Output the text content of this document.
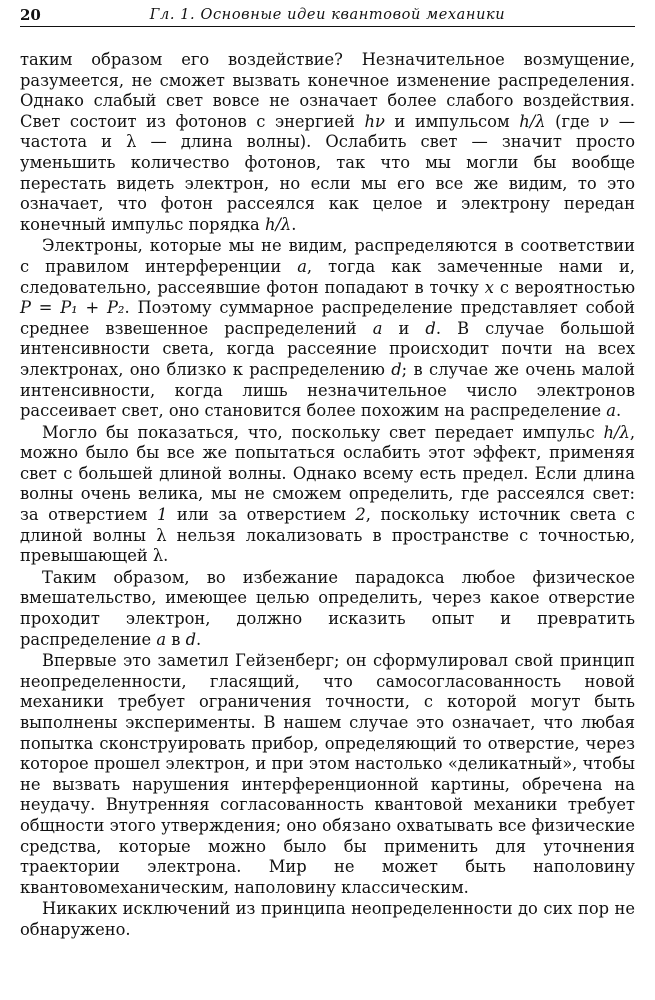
20	Гл. 1. Основные идеи квантовой механики

таким образом его воздействие? Незначительное возмущение, разумеется, не сможет вызвать конечное изменение распределения. Однако слабый свет вовсе не означает более слабого воздействия. Свет состоит из фотонов с энергией hν и импульсом h/λ (где ν — частота и λ — длина волны). Ослабить свет — значит просто уменьшить количество фотонов, так что мы могли бы вообще перестать видеть электрон, но если мы его все же видим, то это означает, что фотон рассеялся как целое и электрону передан конечный импульс порядка h/λ.

Электроны, которые мы не видим, распределяются в соответствии с правилом интерференции a, тогда как замеченные нами и, следовательно, рассеявшие фотон попадают в точку x с вероятностью P = P₁ + P₂. Поэтому суммарное распределение представляет собой среднее взвешенное распределений a и d. В случае большой интенсивности света, когда рассеяние происходит почти на всех электронах, оно близко к распределению d; в случае же очень малой интенсивности, когда лишь незначительное число электронов рассеивает свет, оно становится более похожим на распределение a.

Могло бы показаться, что, поскольку свет передает импульс h/λ, можно было бы все же попытаться ослабить этот эффект, применяя свет с большей длиной волны. Однако всему есть предел. Если длина волны очень велика, мы не сможем определить, где рассеялся свет: за отверстием 1 или за отверстием 2, поскольку источник света с длиной волны λ нельзя локализовать в пространстве с точностью, превышающей λ.

Таким образом, во избежание парадокса любое физическое вмешательство, имеющее целью определить, через какое отверстие проходит электрон, должно исказить опыт и превратить распределение a в d.

Впервые это заметил Гейзенберг; он сформулировал свой принцип неопределенности, гласящий, что самосогласованность новой механики требует ограничения точности, с которой могут быть выполнены эксперименты. В нашем случае это означает, что любая попытка сконструировать прибор, определяющий то отверстие, через которое прошел электрон, и при этом настолько «деликатный», чтобы не вызвать нарушения интерференционной картины, обречена на неудачу. Внутренняя согласованность квантовой механики требует общности этого утверждения; оно обязано охватывать все физические средства, которые можно было бы применить для уточнения траектории электрона. Мир не может быть наполовину квантовомеханическим, наполовину классическим.

Никаких исключений из принципа неопределенности до сих пор не обнаружено.
